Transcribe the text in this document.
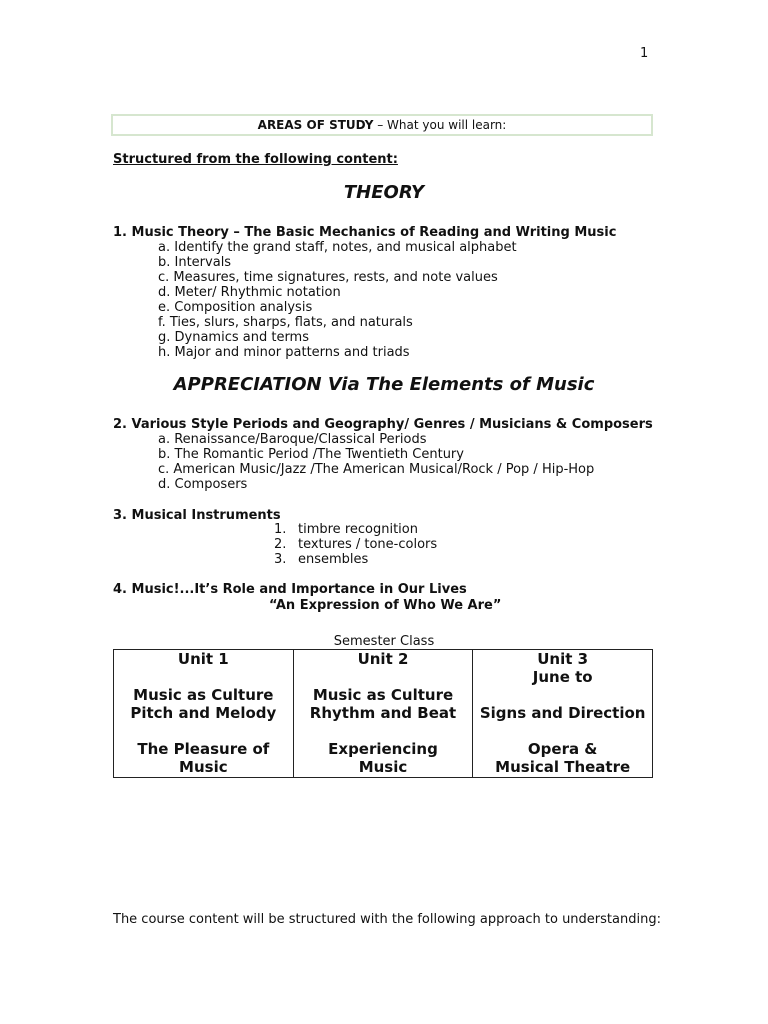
1
AREAS OF STUDY – What you will learn:
Structured from the following content:
THEORY
1. Music Theory – The Basic Mechanics of Reading and Writing Music
a. Identify the grand staff, notes, and musical alphabet
b. Intervals
c. Measures, time signatures, rests, and note values
d. Meter/ Rhythmic notation
e. Composition analysis
f. Ties, slurs, sharps, flats, and naturals
g. Dynamics and terms
h. Major and minor patterns and triads
APPRECIATION Via The Elements of Music
2. Various Style Periods and Geography/ Genres / Musicians & Composers
a. Renaissance/Baroque/Classical Periods
b. The Romantic Period /The Twentieth Century
c. American Music/Jazz /The American Musical/Rock / Pop / Hip-Hop
d. Composers
3. Musical Instruments
1. timbre recognition
2. textures / tone-colors
3. ensembles
4. Music!...It’s Role and Importance in Our Lives
“An Expression of Who We Are”
Semester Class
Unit 1
Music as Culture
Pitch and Melody
The Pleasure of
Music

Unit 2
Music as Culture
Rhythm and Beat
Experiencing
Music

Unit 3
June to
Signs and Direction
Opera &
Musical Theatre
The course content will be structured with the following approach to understanding:
